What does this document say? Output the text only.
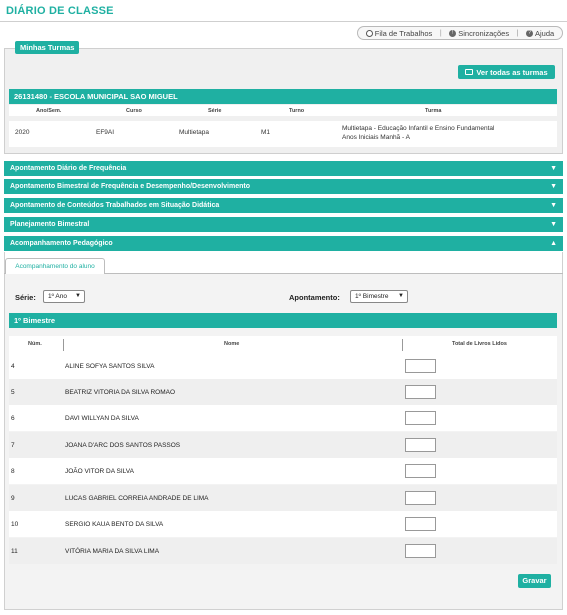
DIÁRIO DE CLASSE
Fila de Trabalhos |	! Sincronizações |	? Ajuda
Minhas Turmas
Ver todas as turmas
26131480 - ESCOLA MUNICIPAL SAO MIGUEL
Ano/Sem.	Curso	Série	Turno	Turma
2020	EF9AI	Multietapa	M1
Multietapa - Educação Infantil e Ensino Fundamental
Anos Iniciais Manhã - A
Apontamento Diário de Frequência	▼
Apontamento Bimestral de Frequência e Desempenho/Desenvolvimento	▼
Apontamento de Conteúdos Trabalhados em Situação Didática	▼
Planejamento Bimestral	▼
Acompanhamento Pedagógico	▲
Acompanhamento do aluno
Série:	1º Ano ▼	Apontamento:	1º Bimestre ▼
1º Bimestre
Núm.	Nome	Total de Livros Lidos
4	ALINE SOFYA SANTOS SILVA
5	BEATRIZ VITORIA DA SILVA ROMAO
6	DAVI WILLYAN DA SILVA
7	JOANA D'ARC DOS SANTOS PASSOS
8	JOÃO VITOR DA SILVA
9	LUCAS GABRIEL CORREIA ANDRADE DE LIMA
10	SERGIO KAUA BENTO DA SILVA
11	VITÓRIA MARIA DA SILVA LIMA
Gravar
